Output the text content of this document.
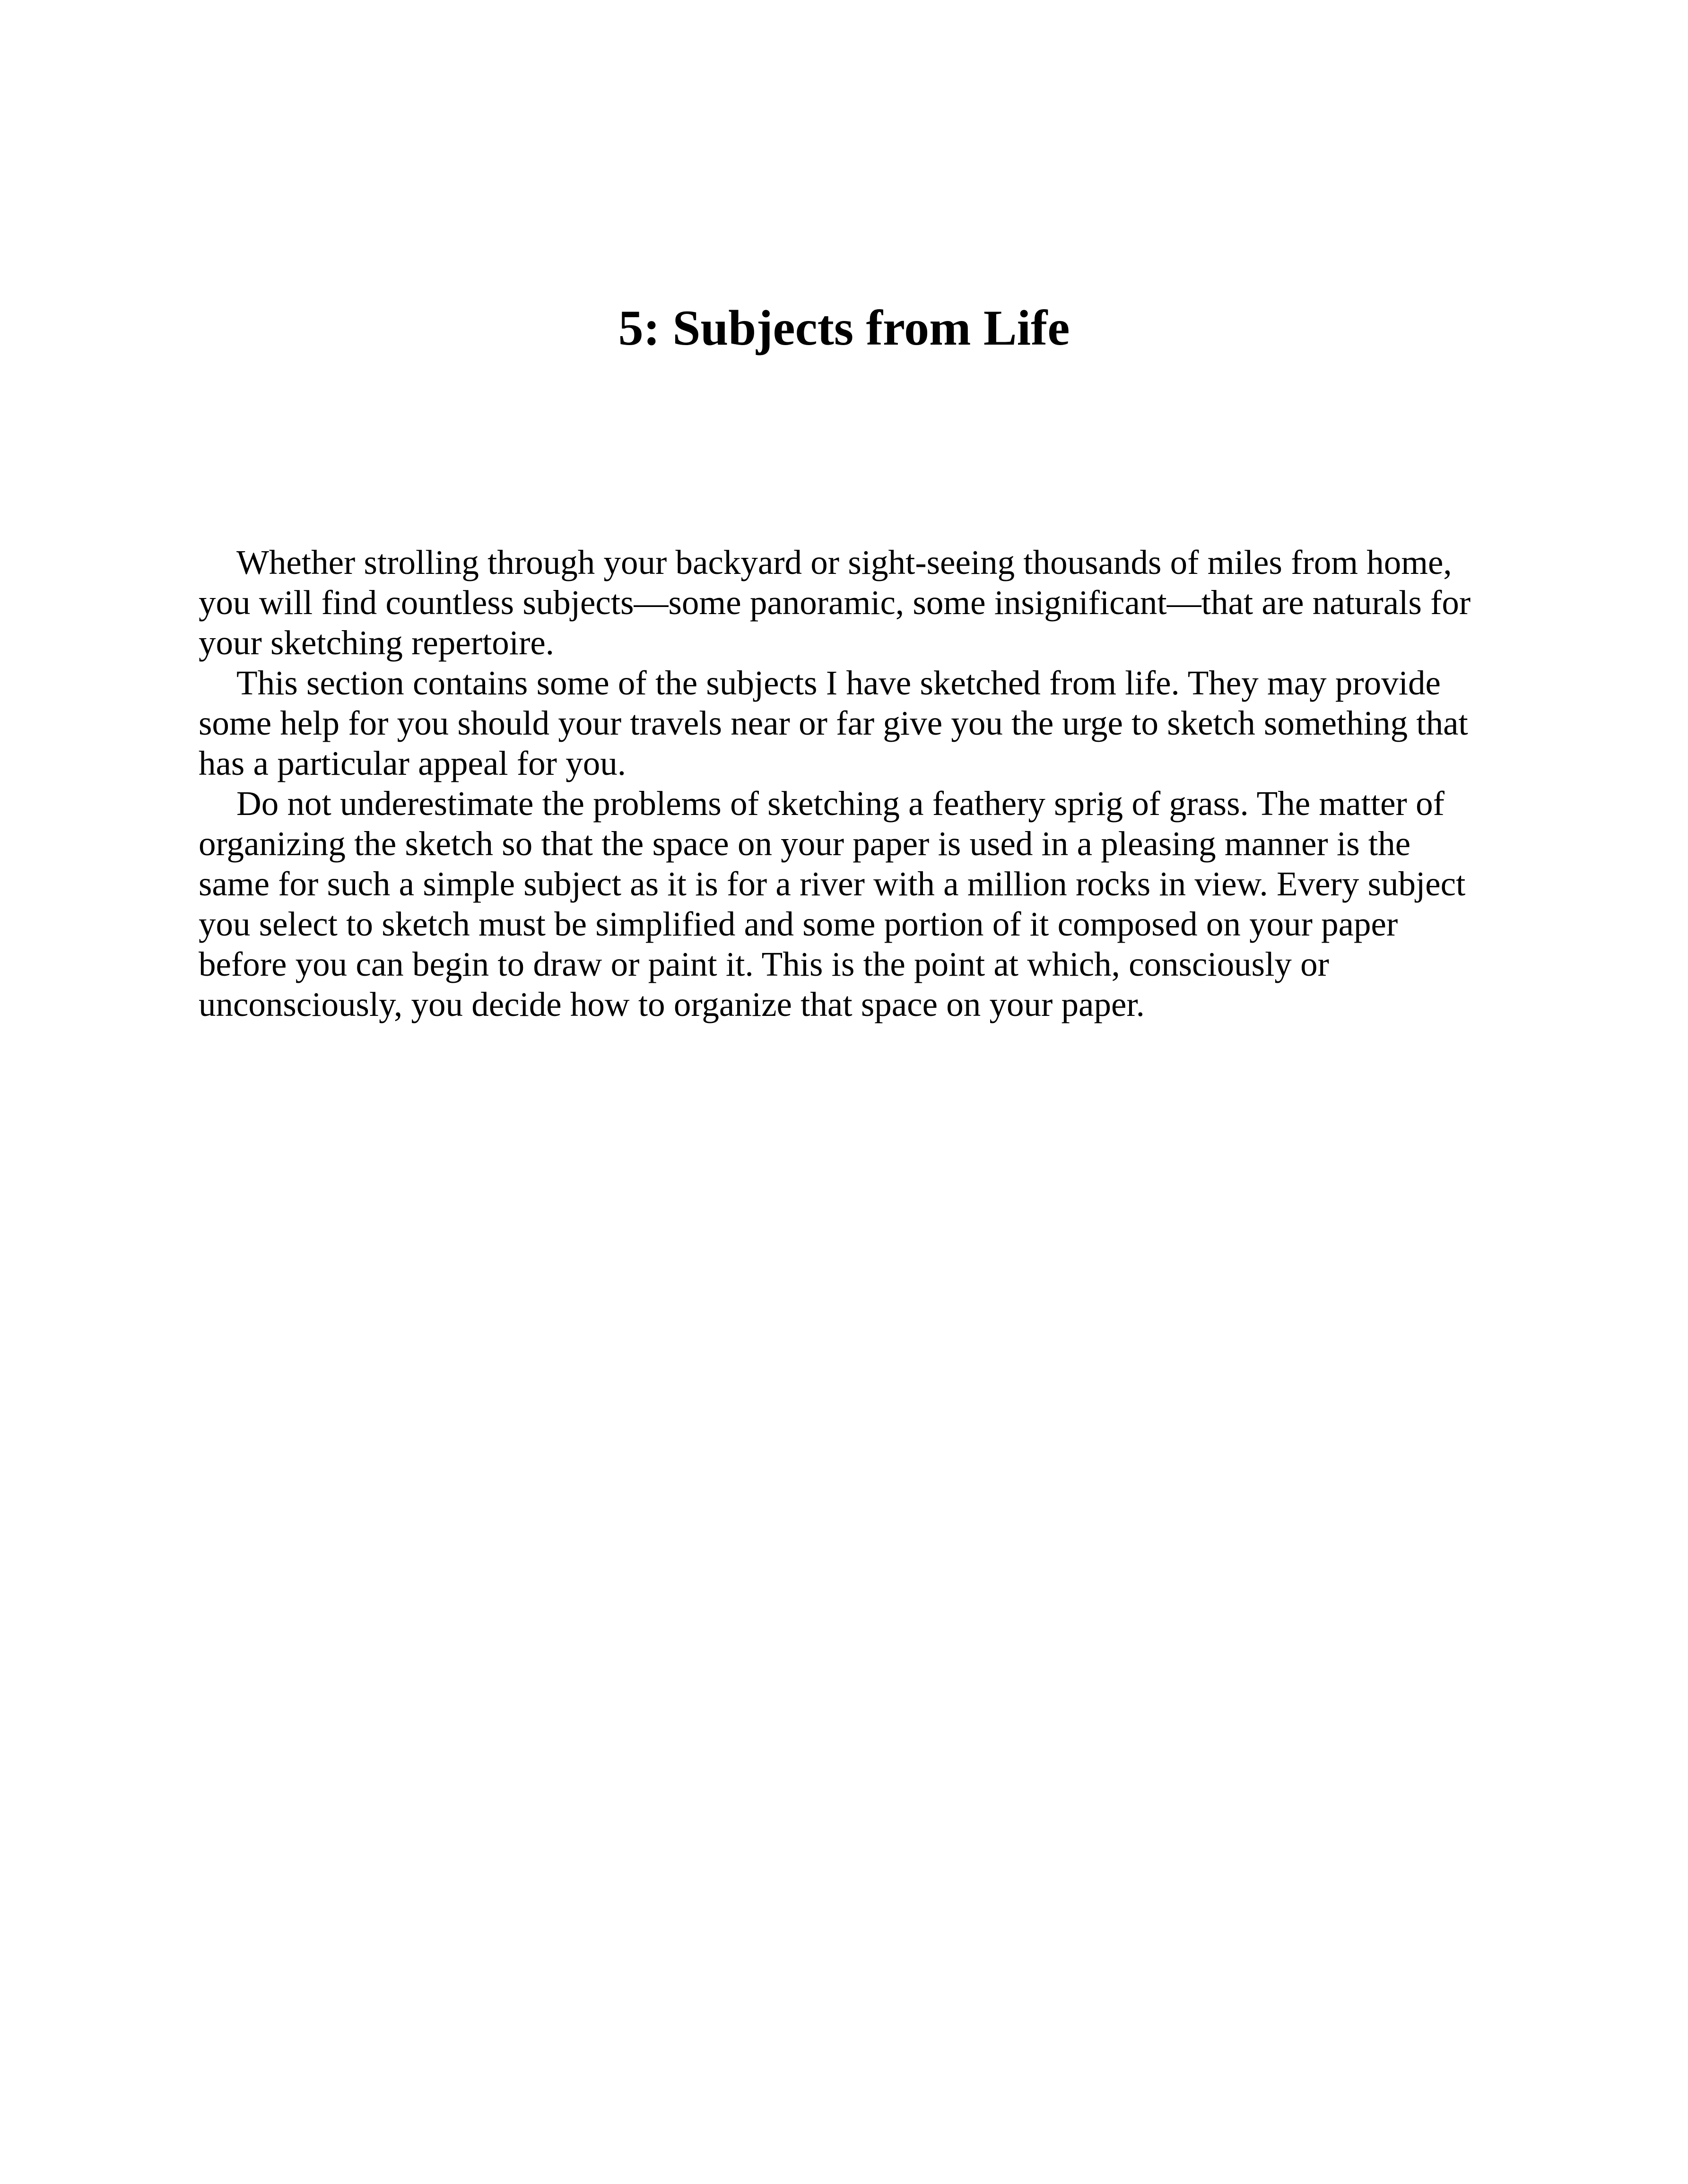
5: Subjects from Life

Whether strolling through your backyard or sight-seeing thousands of miles from home, you will find countless subjects—some panoramic, some insignificant—that are naturals for your sketching repertoire.

This section contains some of the subjects I have sketched from life. They may provide some help for you should your travels near or far give you the urge to sketch something that has a particular appeal for you.

Do not underestimate the problems of sketching a feathery sprig of grass. The matter of organizing the sketch so that the space on your paper is used in a pleasing manner is the same for such a simple subject as it is for a river with a million rocks in view. Every subject you select to sketch must be simplified and some portion of it composed on your paper before you can begin to draw or paint it. This is the point at which, consciously or unconsciously, you decide how to organize that space on your paper.
